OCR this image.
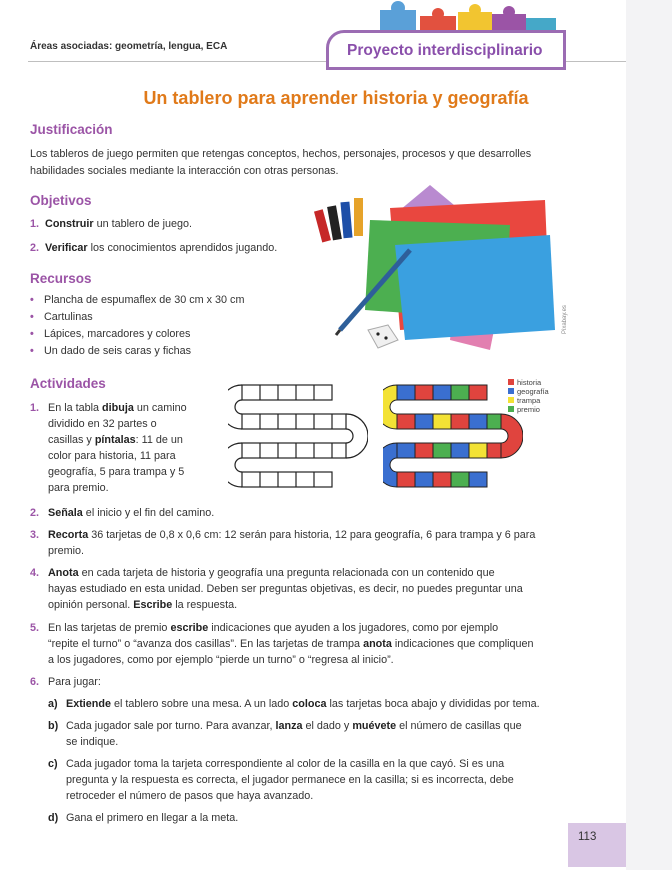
Áreas asociadas: geometría, lengua, ECA	Proyecto interdisciplinario
Un tablero para aprender historia y geografía
Justificación
Los tableros de juego permiten que retengas conceptos, hechos, personajes, procesos y que desarrolles
habilidades sociales mediante la interacción con otras personas.
Objetivos
1. Construir un tablero de juego.
2. Verificar los conocimientos aprendidos jugando.
Recursos
• Plancha de espumaflex de 30 cm x 30 cm
• Cartulinas
• Lápices, marcadores y colores
• Un dado de seis caras y fichas
Pixabay.es
Actividades
1. En la tabla dibuja un camino
dividido en 32 partes o
casillas y píntalas: 11 de un
color para historia, 11 para
geografía, 5 para trampa y 5
para premio.
historia
geografía
trampa
premio
2. Señala el inicio y el fin del camino.
3. Recorta 36 tarjetas de 0,8 x 0,6 cm: 12 serán para historia, 12 para geografía, 6 para trampa y 6 para
premio.
4. Anota en cada tarjeta de historia y geografía una pregunta relacionada con un contenido que
hayas estudiado en esta unidad. Deben ser preguntas objetivas, es decir, no puedes preguntar una
opinión personal. Escribe la respuesta.
5. En las tarjetas de premio escribe indicaciones que ayuden a los jugadores, como por ejemplo
“repite el turno” o “avanza dos casillas”. En las tarjetas de trampa anota indicaciones que compliquen
a los jugadores, como por ejemplo “pierde un turno” o “regresa al inicio”.
6. Para jugar:
a) Extiende el tablero sobre una mesa. A un lado coloca las tarjetas boca abajo y divididas por tema.
b) Cada jugador sale por turno. Para avanzar, lanza el dado y muévete el número de casillas que
se indique.
c) Cada jugador toma la tarjeta correspondiente al color de la casilla en la que cayó. Si es una
pregunta y la respuesta es correcta, el jugador permanece en la casilla; si es incorrecta, debe
retroceder el número de pasos que haya avanzado.
d) Gana el primero en llegar a la meta.
113
